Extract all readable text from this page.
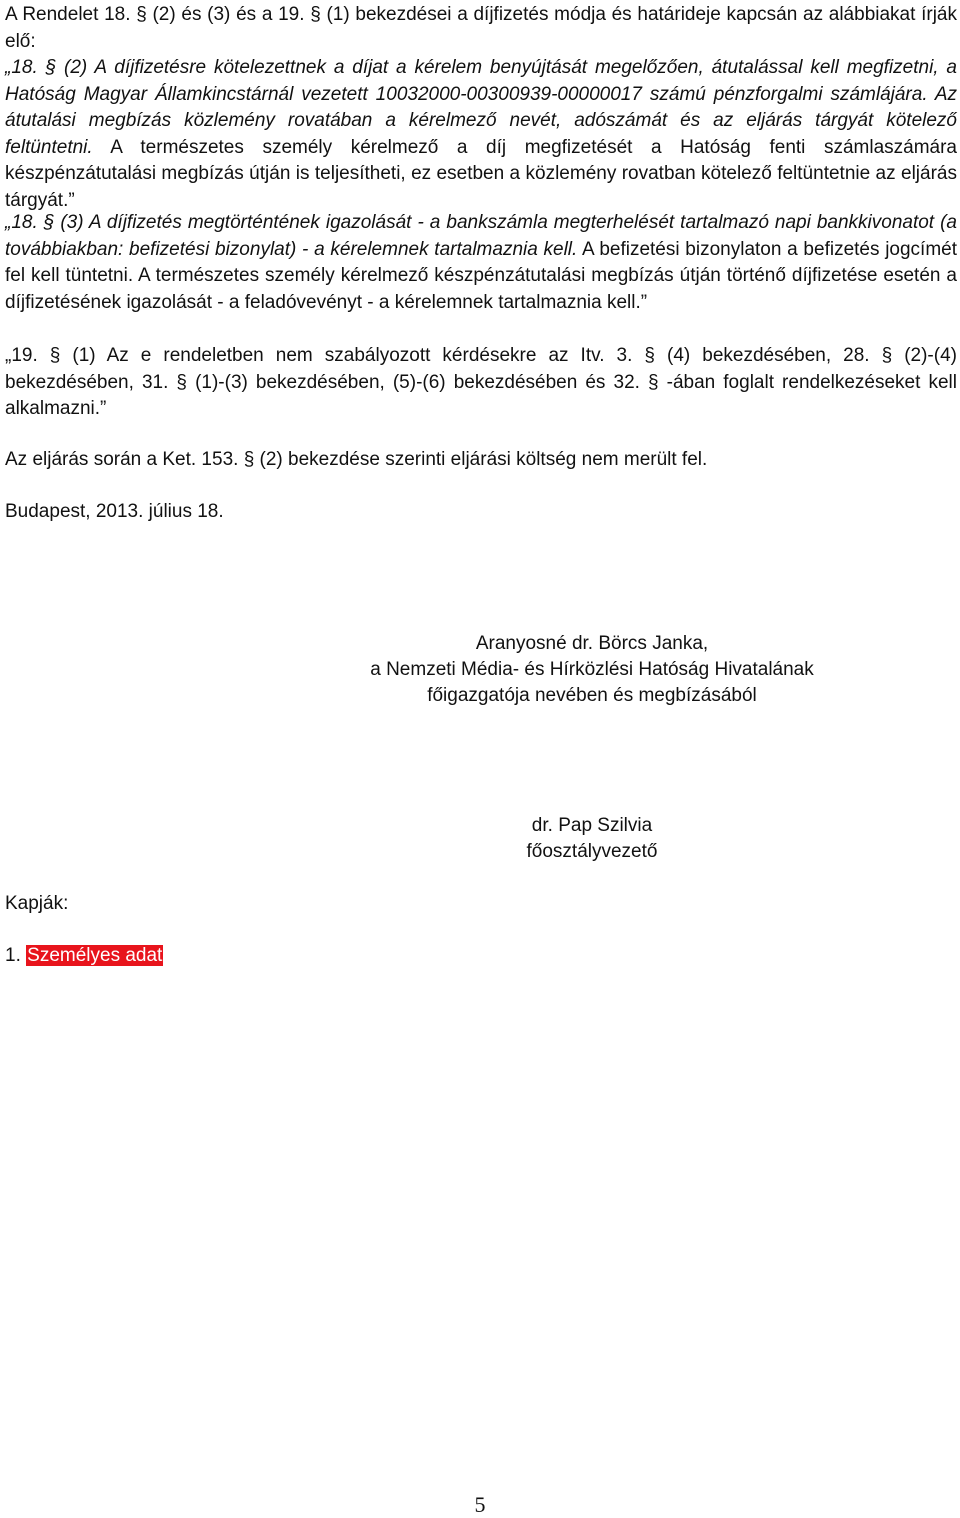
A Rendelet 18. § (2) és (3) és a 19. § (1) bekezdései a díjfizetés módja és határideje kapcsán az alábbiakat írják elő:

„18. § (2) A díjfizetésre kötelezettnek a díjat a kérelem benyújtását megelőzően, átutalással kell megfizetni, a Hatóság Magyar Államkincstárnál vezetett 10032000-00300939-00000017 számú pénzforgalmi számlájára. Az átutalási megbízás közlemény rovatában a kérelmező nevét, adószámát és az eljárás tárgyát kötelező feltüntetni. A természetes személy kérelmező a díj megfizetését a Hatóság fenti számlaszámára készpénzátutalási megbízás útján is teljesítheti, ez esetben a közlemény rovatban kötelező feltüntetnie az eljárás tárgyát.”

„18. § (3) A díjfizetés megtörténtének igazolását - a bankszámla megterhelését tartalmazó napi bankkivonatot (a továbbiakban: befizetési bizonylat) - a kérelemnek tartalmaznia kell. A befizetési bizonylaton a befizetés jogcímét fel kell tüntetni. A természetes személy kérelmező készpénzátutalási megbízás útján történő díjfizetése esetén a díjfizetésének igazolását - a feladóvevényt - a kérelemnek tartalmaznia kell.”

„19. § (1) Az e rendeletben nem szabályozott kérdésekre az Itv. 3. § (4) bekezdésében, 28. § (2)-(4) bekezdésében, 31. § (1)-(3) bekezdésében, (5)-(6) bekezdésében és 32. § -ában foglalt rendelkezéseket kell alkalmazni.”

Az eljárás során a Ket. 153. § (2) bekezdése szerinti eljárási költség nem merült fel.
Budapest, 2013. július 18.
Aranyosné dr. Börcs Janka,
a Nemzeti Média- és Hírközlési Hatóság Hivatalának
főigazgatója nevében és megbízásából
dr. Pap Szilvia
főosztályvezető
Kapják:
1. Személyes adat
5
